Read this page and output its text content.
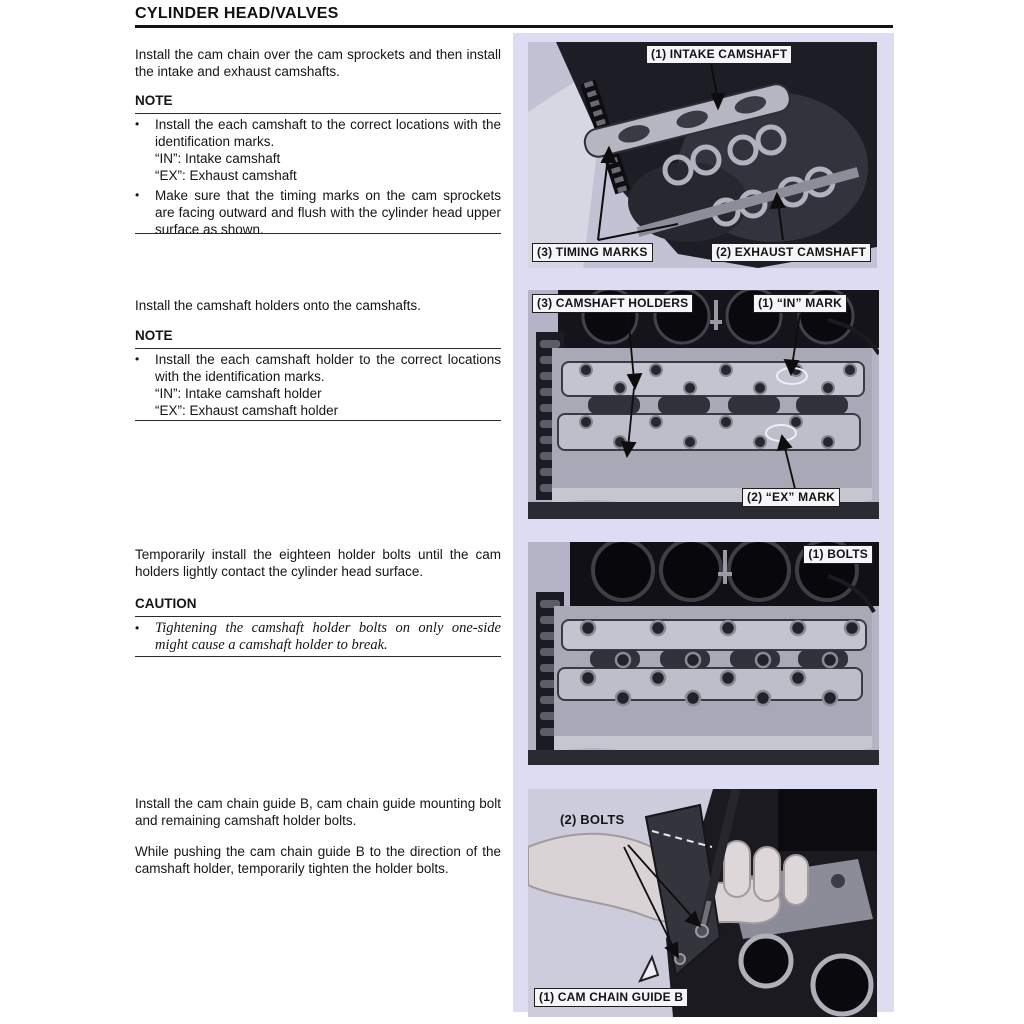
CYLINDER HEAD/VALVES
Install the cam chain over the cam sprockets and then install the intake and exhaust camshafts.
NOTE
•	Install the each camshaft to the correct locations with the identification marks.
“IN”: Intake camshaft
“EX”: Exhaust camshaft
•	Make sure that the timing marks on the cam sprockets are facing outward and flush with the cylinder head upper surface as shown.
Install the camshaft holders onto the camshafts.
NOTE
•	Install the each camshaft holder to the correct locations with the identification marks.
“IN”: Intake camshaft holder
“EX”: Exhaust camshaft holder
Temporarily install the eighteen holder bolts until the cam holders lightly contact the cylinder head surface.
CAUTION
•	Tightening the camshaft holder bolts on only one-side might cause a camshaft holder to break.
Install the cam chain guide B, cam chain guide mounting bolt and remaining camshaft holder bolts.
While pushing the cam chain guide B to the direction of the camshaft holder, temporarily tighten the holder bolts.
(1) INTAKE CAMSHAFT
(3) TIMING MARKS	(2) EXHAUST CAMSHAFT
(3) CAMSHAFT HOLDERS	(1) “IN” MARK
(2) “EX” MARK
(1) BOLTS
(2) BOLTS
(1) CAM CHAIN GUIDE B
